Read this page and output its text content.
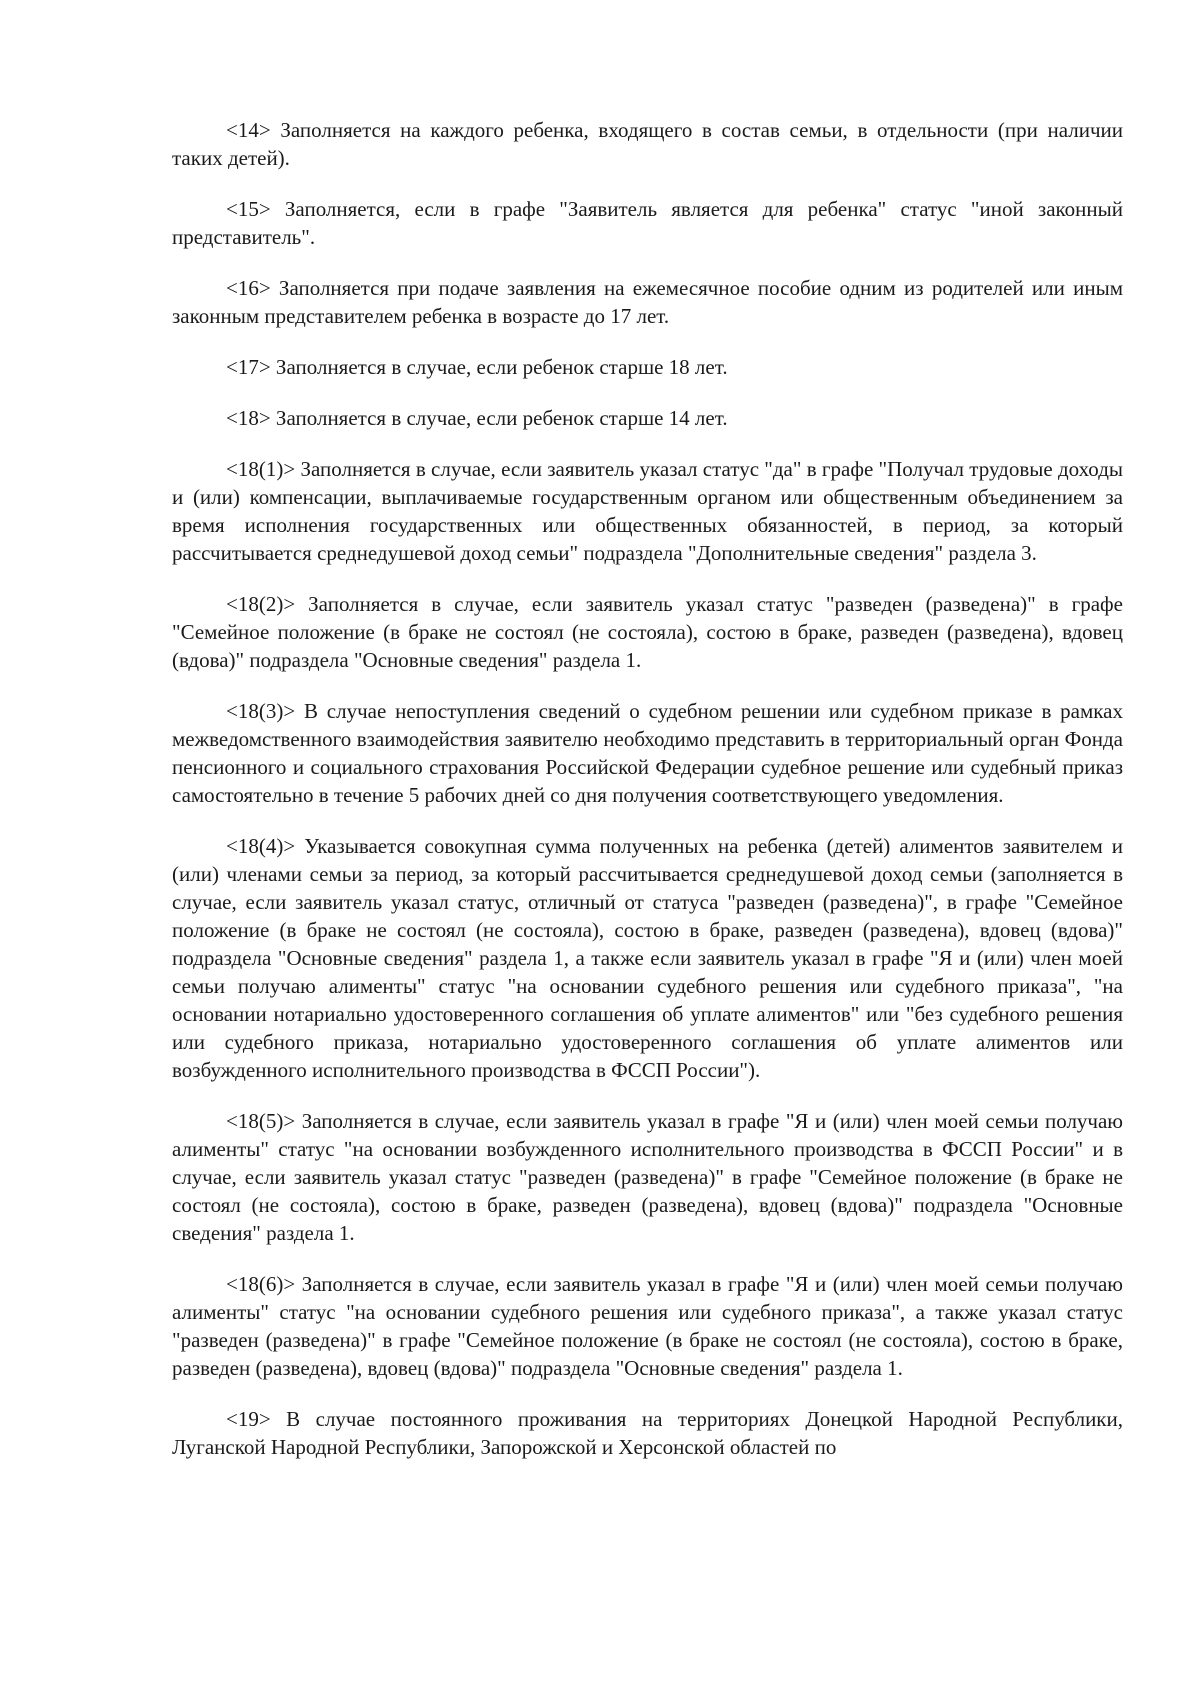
<14> Заполняется на каждого ребенка, входящего в состав семьи, в отдельности (при наличии таких детей).

<15> Заполняется, если в графе "Заявитель является для ребенка" статус "иной законный представитель".

<16> Заполняется при подаче заявления на ежемесячное пособие одним из родителей или иным законным представителем ребенка в возрасте до 17 лет.

<17> Заполняется в случае, если ребенок старше 18 лет.

<18> Заполняется в случае, если ребенок старше 14 лет.

<18(1)> Заполняется в случае, если заявитель указал статус "да" в графе "Получал трудовые доходы и (или) компенсации, выплачиваемые государственным органом или общественным объединением за время исполнения государственных или общественных обязанностей, в период, за который рассчитывается среднедушевой доход семьи" подраздела "Дополнительные сведения" раздела 3.

<18(2)> Заполняется в случае, если заявитель указал статус "разведен (разведена)" в графе "Семейное положение (в браке не состоял (не состояла), состою в браке, разведен (разведена), вдовец (вдова)" подраздела "Основные сведения" раздела 1.

<18(3)> В случае непоступления сведений о судебном решении или судебном приказе в рамках межведомственного взаимодействия заявителю необходимо представить в территориальный орган Фонда пенсионного и социального страхования Российской Федерации судебное решение или судебный приказ самостоятельно в течение 5 рабочих дней со дня получения соответствующего уведомления.

<18(4)> Указывается совокупная сумма полученных на ребенка (детей) алиментов заявителем и (или) членами семьи за период, за который рассчитывается среднедушевой доход семьи (заполняется в случае, если заявитель указал статус, отличный от статуса "разведен (разведена)", в графе "Семейное положение (в браке не состоял (не состояла), состою в браке, разведен (разведена), вдовец (вдова)" подраздела "Основные сведения" раздела 1, а также если заявитель указал в графе "Я и (или) член моей семьи получаю алименты" статус "на основании судебного решения или судебного приказа", "на основании нотариально удостоверенного соглашения об уплате алиментов" или "без судебного решения или судебного приказа, нотариально удостоверенного соглашения об уплате алиментов или возбужденного исполнительного производства в ФССП России").

<18(5)> Заполняется в случае, если заявитель указал в графе "Я и (или) член моей семьи получаю алименты" статус "на основании возбужденного исполнительного производства в ФССП России" и в случае, если заявитель указал статус "разведен (разведена)" в графе "Семейное положение (в браке не состоял (не состояла), состою в браке, разведен (разведена), вдовец (вдова)" подраздела "Основные сведения" раздела 1.

<18(6)> Заполняется в случае, если заявитель указал в графе "Я и (или) член моей семьи получаю алименты" статус "на основании судебного решения или судебного приказа", а также указал статус "разведен (разведена)" в графе "Семейное положение (в браке не состоял (не состояла), состою в браке, разведен (разведена), вдовец (вдова)" подраздела "Основные сведения" раздела 1.

<19> В случае постоянного проживания на территориях Донецкой Народной Республики, Луганской Народной Республики, Запорожской и Херсонской областей по
